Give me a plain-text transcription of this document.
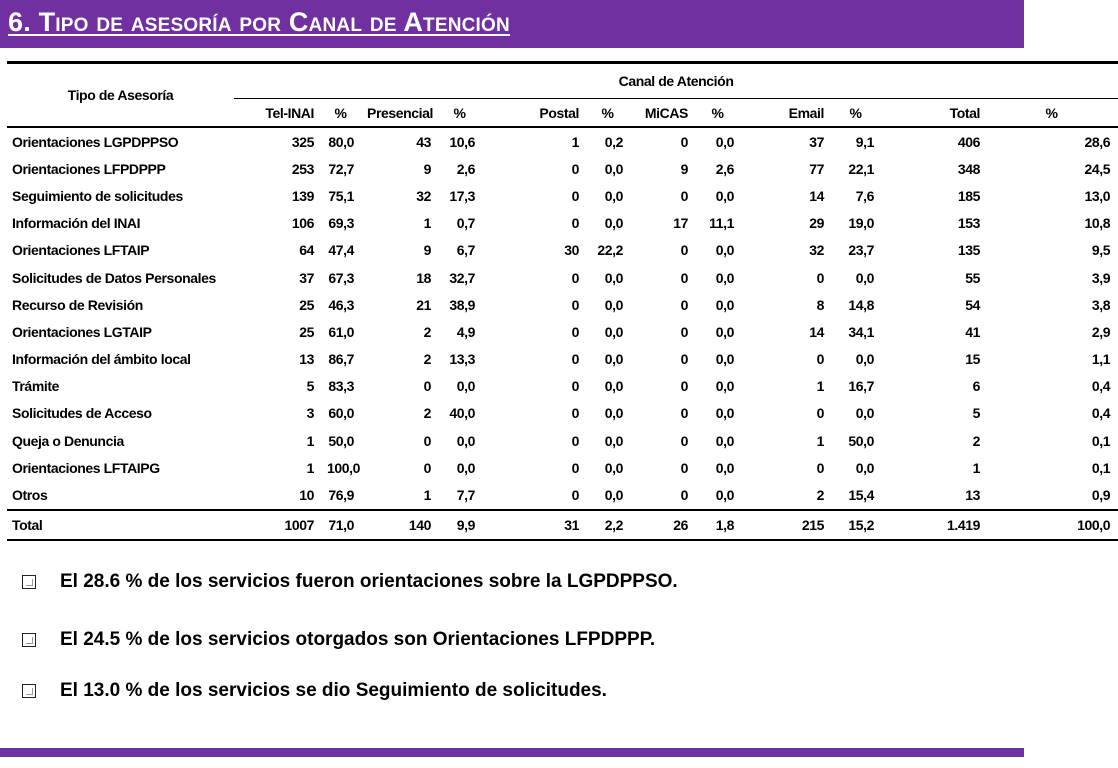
6. Tipo de asesoría por Canal de Atención
Tipo de Asesoría	Canal de Atención											
	Tel-INAI	%	Presencial	%	Postal	%	MiCAS	%	Email	%	Total	%
Orientaciones LGPDPPSO	325	80,0	43	10,6	1	0,2	0	0,0	37	9,1	406	28,6
Orientaciones LFPDPPP	253	72,7	9	2,6	0	0,0	9	2,6	77	22,1	348	24,5
Seguimiento de solicitudes	139	75,1	32	17,3	0	0,0	0	0,0	14	7,6	185	13,0
Información del INAI	106	69,3	1	0,7	0	0,0	17	11,1	29	19,0	153	10,8
Orientaciones LFTAIP	64	47,4	9	6,7	30	22,2	0	0,0	32	23,7	135	9,5
Solicitudes de Datos Personales	37	67,3	18	32,7	0	0,0	0	0,0	0	0,0	55	3,9
Recurso de Revisión	25	46,3	21	38,9	0	0,0	0	0,0	8	14,8	54	3,8
Orientaciones LGTAIP	25	61,0	2	4,9	0	0,0	0	0,0	14	34,1	41	2,9
Información del ámbito local	13	86,7	2	13,3	0	0,0	0	0,0	0	0,0	15	1,1
Trámite	5	83,3	0	0,0	0	0,0	0	0,0	1	16,7	6	0,4
Solicitudes de Acceso	3	60,0	2	40,0	0	0,0	0	0,0	0	0,0	5	0,4
Queja o Denuncia	1	50,0	0	0,0	0	0,0	0	0,0	1	50,0	2	0,1
Orientaciones LFTAIPG	1	100,0	0	0,0	0	0,0	0	0,0	0	0,0	1	0,1
Otros	10	76,9	1	7,7	0	0,0	0	0,0	2	15,4	13	0,9
Total	1007	71,0	140	9,9	31	2,2	26	1,8	215	15,2	1.419	100,0
El 28.6 % de los servicios fueron orientaciones sobre la LGPDPPSO.
El 24.5 % de los servicios otorgados son Orientaciones LFPDPPP.
El 13.0 % de los servicios se dio Seguimiento de solicitudes.
